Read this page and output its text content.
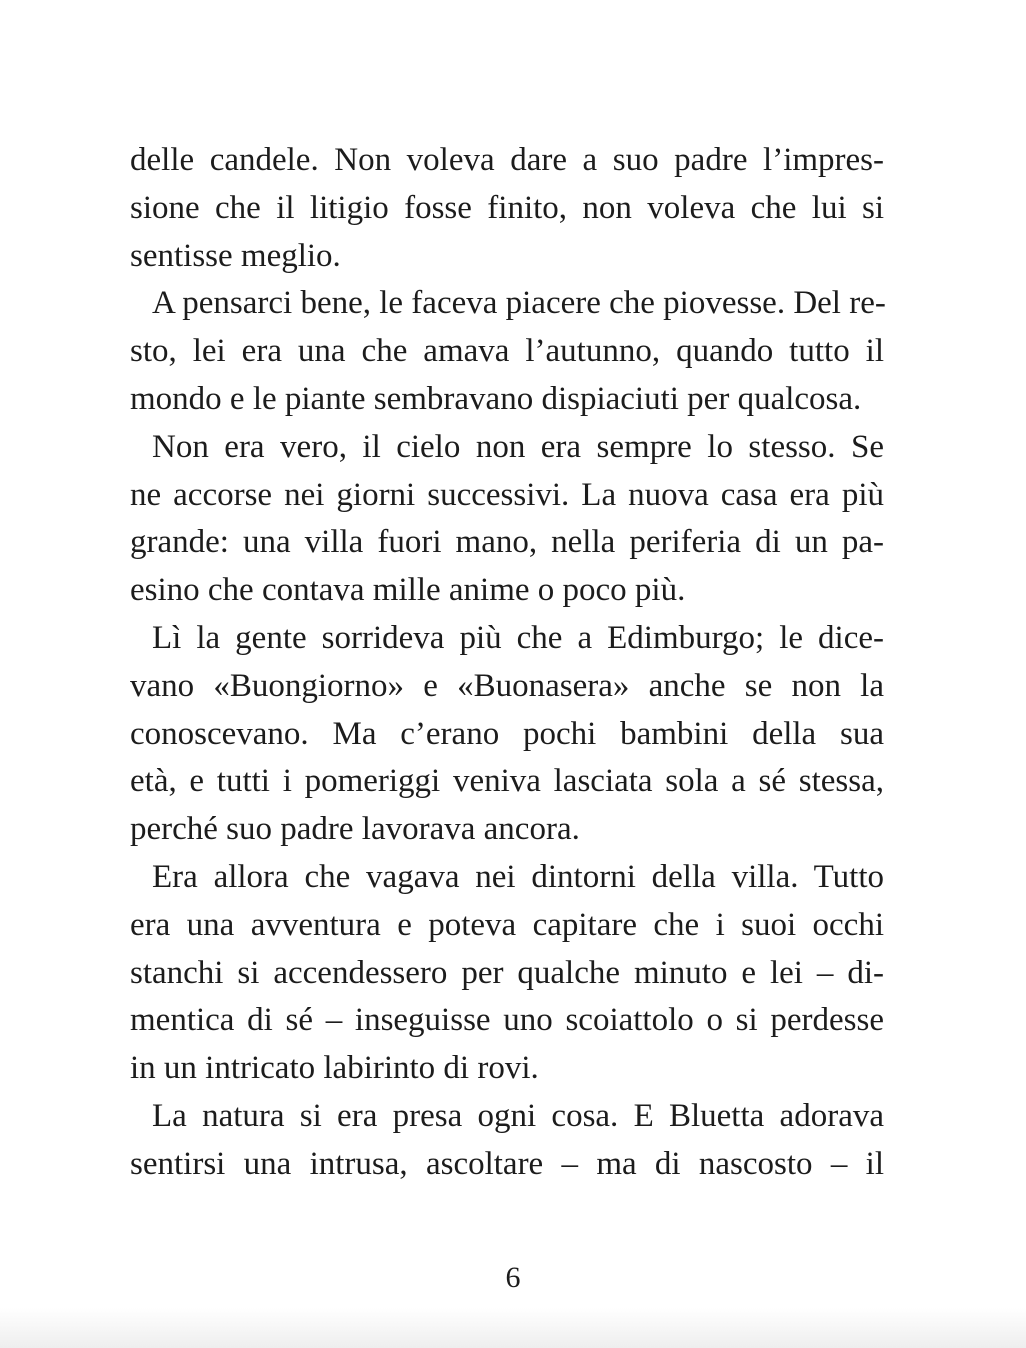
delle candele. Non voleva dare a suo padre l’impres-
sione che il litigio fosse finito, non voleva che lui si
sentisse meglio.
A pensarci bene, le faceva piacere che piovesse. Del re-
sto, lei era una che amava l’autunno, quando tutto il
mondo e le piante sembravano dispiaciuti per qualcosa.
Non era vero, il cielo non era sempre lo stesso. Se
ne accorse nei giorni successivi. La nuova casa era più
grande: una villa fuori mano, nella periferia di un pa-
esino che contava mille anime o poco più.
Lì la gente sorrideva più che a Edimburgo; le dice-
vano «Buongiorno» e «Buonasera» anche se non la
conoscevano. Ma c’erano pochi bambini della sua
età, e tutti i pomeriggi veniva lasciata sola a sé stessa,
perché suo padre lavorava ancora.
Era allora che vagava nei dintorni della villa. Tutto
era una avventura e poteva capitare che i suoi occhi
stanchi si accendessero per qualche minuto e lei – di-
mentica di sé – inseguisse uno scoiattolo o si perdesse
in un intricato labirinto di rovi.
La natura si era presa ogni cosa. E Bluetta adorava
sentirsi una intrusa, ascoltare – ma di nascosto – il
6
